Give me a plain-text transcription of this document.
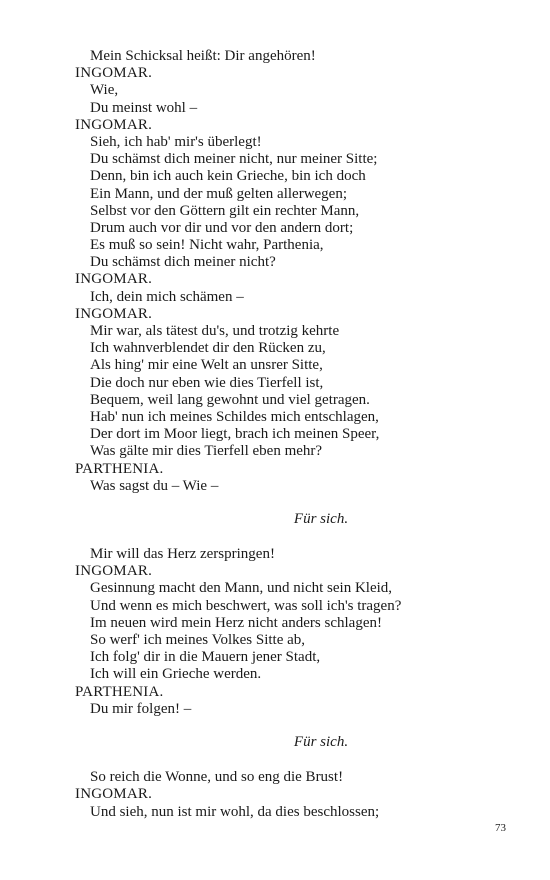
Mein Schicksal heißt: Dir angehören!
INGOMAR.
Wie,
Du meinst wohl –
INGOMAR.
Sieh, ich hab' mir's überlegt!
Du schämst dich meiner nicht, nur meiner Sitte;
Denn, bin ich auch kein Grieche, bin ich doch
Ein Mann, und der muß gelten allerwegen;
Selbst vor den Göttern gilt ein rechter Mann,
Drum auch vor dir und vor den andern dort;
Es muß so sein! Nicht wahr, Parthenia,
Du schämst dich meiner nicht?
INGOMAR.
Ich, dein mich schämen –
INGOMAR.
Mir war, als tätest du's, und trotzig kehrte
Ich wahnverblendet dir den Rücken zu,
Als hing' mir eine Welt an unsrer Sitte,
Die doch nur eben wie dies Tierfell ist,
Bequem, weil lang gewohnt und viel getragen.
Hab' nun ich meines Schildes mich entschlagen,
Der dort im Moor liegt, brach ich meinen Speer,
Was gälte mir dies Tierfell eben mehr?
PARTHENIA.
Was sagst du – Wie –
Für sich.
Mir will das Herz zerspringen!
INGOMAR.
Gesinnung macht den Mann, und nicht sein Kleid,
Und wenn es mich beschwert, was soll ich's tragen?
Im neuen wird mein Herz nicht anders schlagen!
So werf' ich meines Volkes Sitte ab,
Ich folg' dir in die Mauern jener Stadt,
Ich will ein Grieche werden.
PARTHENIA.
Du mir folgen! –
Für sich.
So reich die Wonne, und so eng die Brust!
INGOMAR.
Und sieh, nun ist mir wohl, da dies beschlossen;
73
